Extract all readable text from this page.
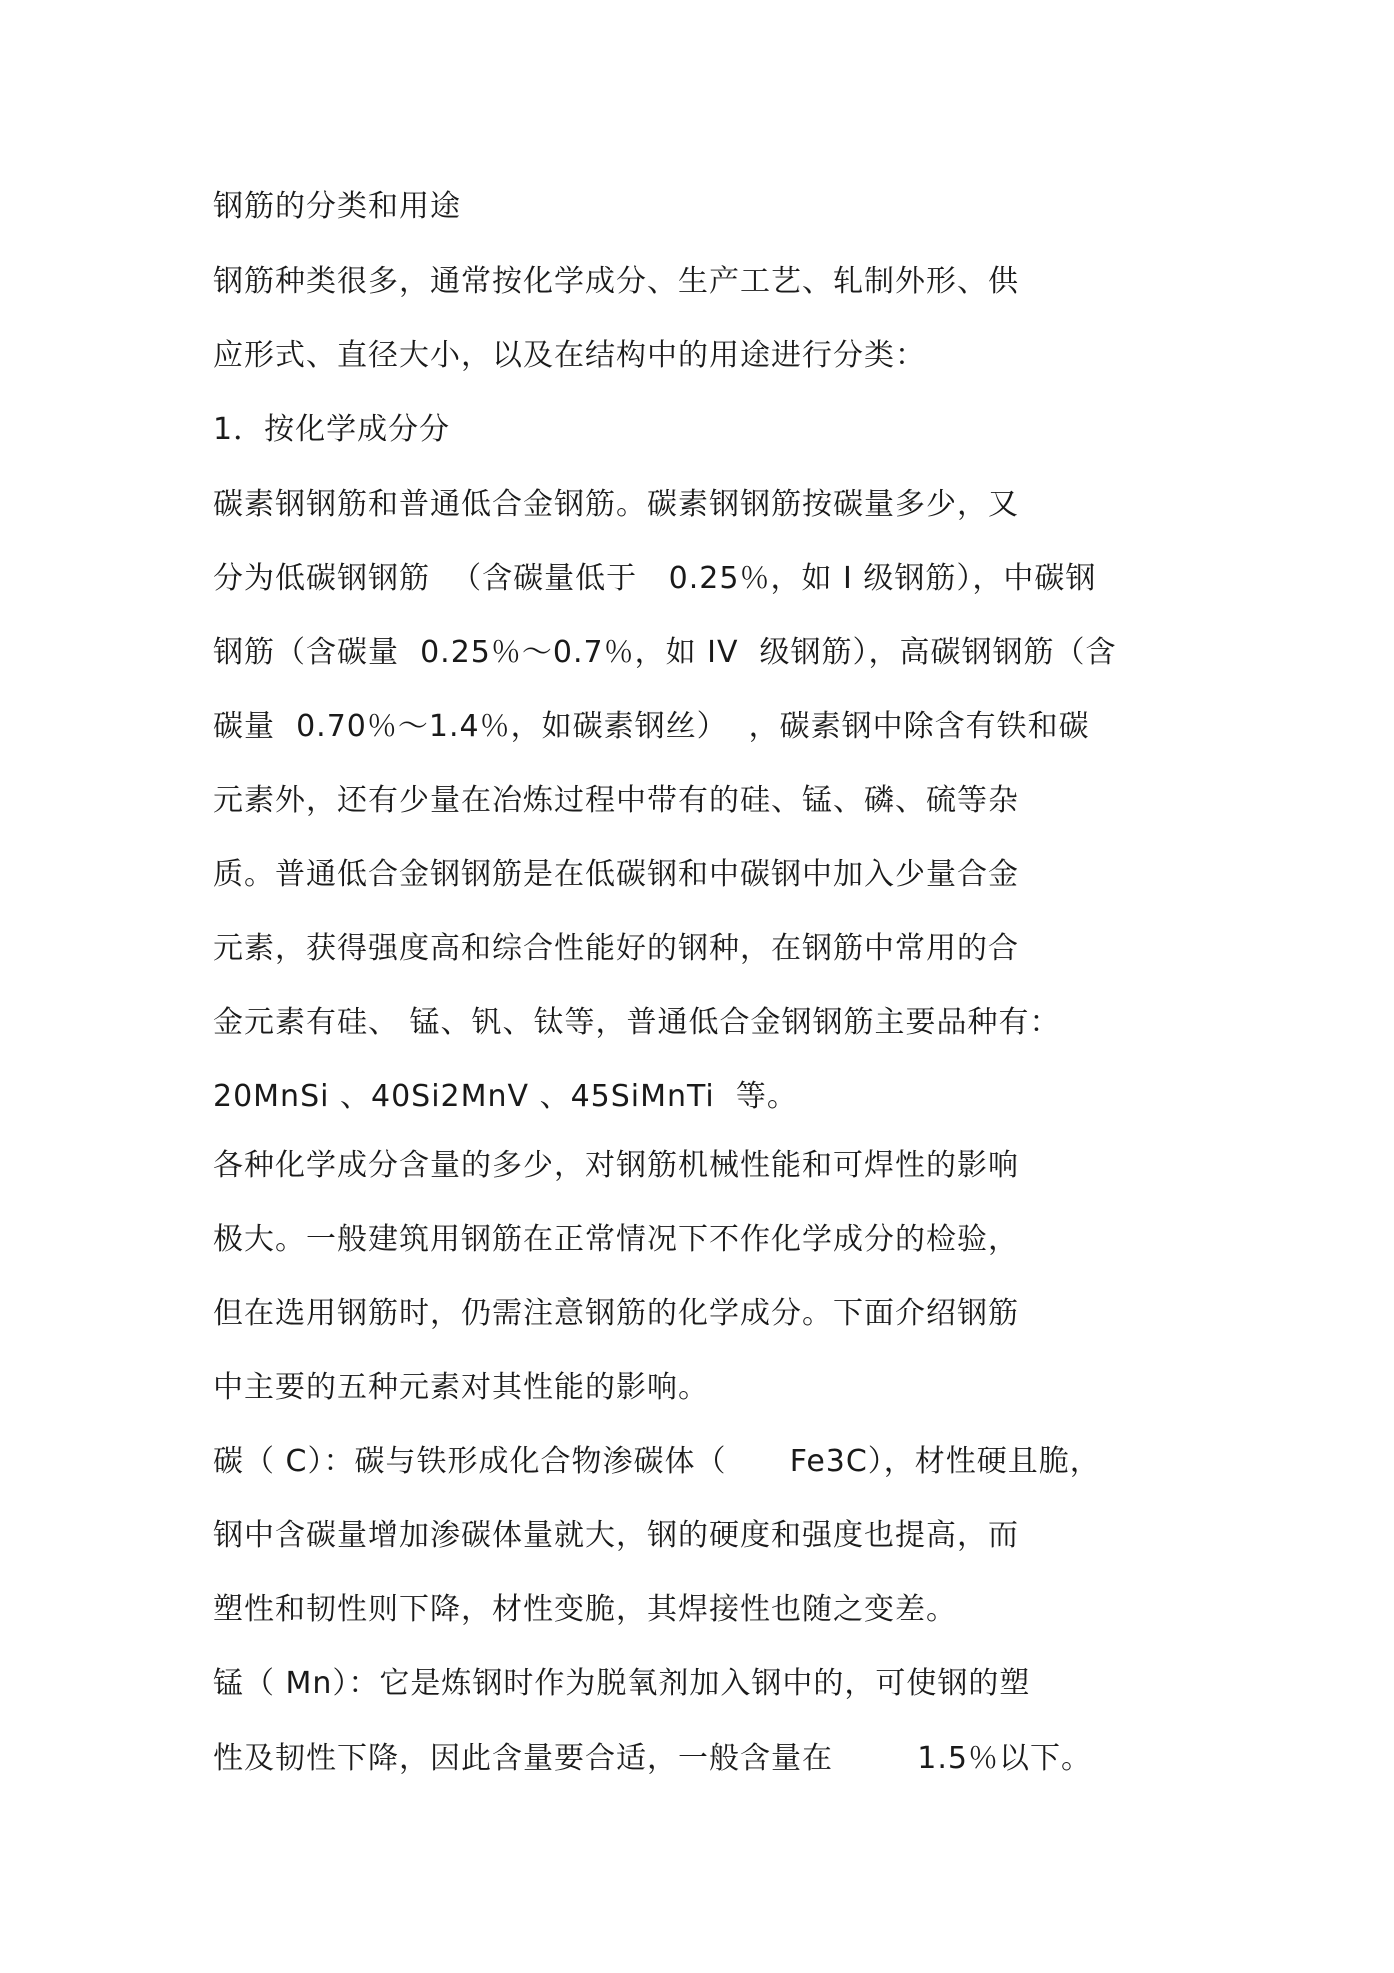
钢筋的分类和用途

钢筋种类很多，通常按化学成分、生产工艺、轧制外形、供

应形式、直径大小，以及在结构中的用途进行分类：

1．按化学成分分

碳素钢钢筋和普通低合金钢筋。碳素钢钢筋按碳量多少，又

分为低碳钢钢筋  （含碳量低于   0.25％，如 I 级钢筋），中碳钢

钢筋（含碳量  0.25％～0.7％，如 IV  级钢筋），高碳钢钢筋（含

碳量  0.70％～1.4％，如碳素钢丝）  ，碳素钢中除含有铁和碳

元素外，还有少量在冶炼过程中带有的硅、锰、磷、硫等杂

质。普通低合金钢钢筋是在低碳钢和中碳钢中加入少量合金

元素，获得强度高和综合性能好的钢种，在钢筋中常用的合

金元素有硅、 锰、钒、钛等，普通低合金钢钢筋主要品种有：

20MnSi 、40Si2MnV 、45SiMnTi  等。

各种化学成分含量的多少，对钢筋机械性能和可焊性的影响

极大。一般建筑用钢筋在正常情况下不作化学成分的检验，

但在选用钢筋时，仍需注意钢筋的化学成分。下面介绍钢筋

中主要的五种元素对其性能的影响。

碳（ C）：碳与铁形成化合物渗碳体（      Fe3C），材性硬且脆，

钢中含碳量增加渗碳体量就大，钢的硬度和强度也提高，而

塑性和韧性则下降，材性变脆，其焊接性也随之变差。

锰（ Mn）：它是炼钢时作为脱氧剂加入钢中的，可使钢的塑

性及韧性下降，因此含量要合适，一般含量在        1.5％以下。
